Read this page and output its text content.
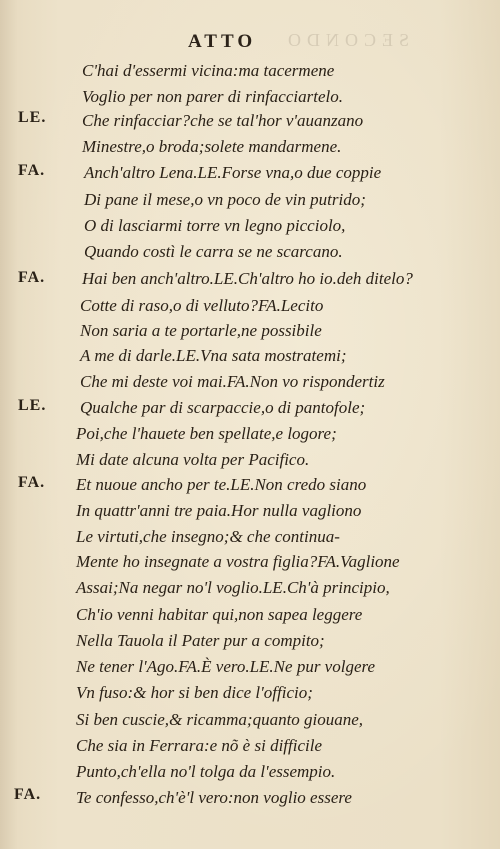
SECONDO
ATTO
LE.
FA.
FA.
LE.
FA.
FA.
C'hai d'essermi vicina:ma tacermene
Voglio per non parer di rinfacciartelo.
Che rinfacciar?che se tal'hor v'auanzano
Minestre,o broda;solete mandarmene.
Anch'altro Lena.LE.Forse vna,o due coppie
Di pane il mese,o vn poco de vin putrido;
O di lasciarmi torre vn legno picciolo,
Quando costì le carra se ne scarcano.
Hai ben anch'altro.LE.Ch'altro ho io.deh ditelo?
Cotte di raso,o di velluto?FA.Lecito
Non saria a te portarle,ne possibile
A me di darle.LE.Vna sata mostratemi;
Che mi deste voi mai.FA.Non vo rispondertiz
Qualche par di scarpaccie,o di pantofole;
Poi,che l'hauete ben spellate,e logore;
Mi date alcuna volta per Pacifico.
Et nuoue ancho per te.LE.Non credo siano
In quattr'anni tre paia.Hor nulla vagliono
Le virtuti,che insegno;& che continua-
Mente ho insegnate a vostra figlia?FA.Vaglione
Assai;Na negar no'l voglio.LE.Ch'à principio,
Ch'io venni habitar qui,non sapea leggere
Nella Tauola il Pater pur a compito;
Ne tener l'Ago.FA.È vero.LE.Ne pur volgere
Vn fuso:& hor si ben dice l'officio;
Si ben cuscie,& ricamma;quanto giouane,
Che sia in Ferrara:e nõ è si difficile
Punto,ch'ella no'l tolga da l'essempio.
Te confesso,ch'è'l vero:non voglio essere
